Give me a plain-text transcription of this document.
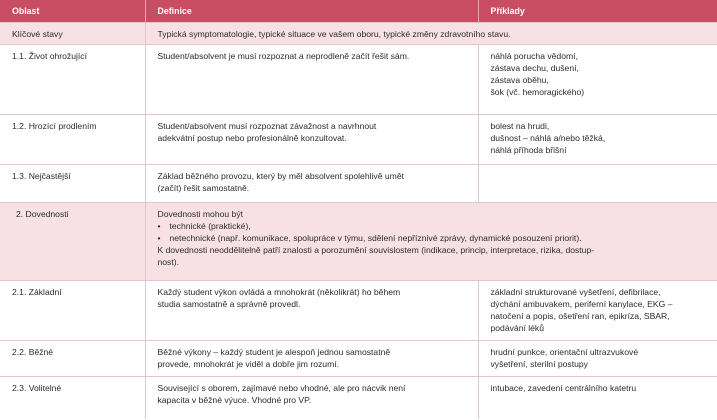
Oblast	Definice	Příklady
Klíčové stavy	Typická symptomatologie, typické situace ve vašem oboru, typické změny zdravotního stavu.	
1.1. Život ohrožující	Student/absolvent je musí rozpoznat a neprodleně začít řešit sám.	náhlá porucha vědomí,
zástava dechu, dušení,
zástava oběhu,
šok (vč. hemoragického)

1.2. Hrozící prodlením	Student/absolvent musí rozpoznat závažnost a navrhnout
adekvátní postup nebo profesionálně konzultovat.	bolest na hrudi,
dušnost – náhlá a/nebo těžká,
náhlá příhoda břišní

1.3. Nejčastější	Základ běžného provozu, který by měl absolvent spolehlivě umět
(začít) řešit samostatně.	

2. Dovednosti	Dovednosti mohou být
• technické (praktické),
• netechnické (např. komunikace, spolupráce v týmu, sdělení nepříznivé zprávy, dynamické posouzení priorit).
K dovednosti neoddělitelně patří znalosti a porozumění souvislostem (indikace, princip, interpretace, rizika, dostup-
nost).	

2.1. Základní	Každý student výkon ovládá a mnohokrát (několikrát) ho během
studia samostatně a správně provedl.	základní strukturované vyšetření, defibrilace,
dýchání ambuvakem, periferní kanylace, EKG –
natočení a popis, ošetření ran, epikríza, SBAR,
podávání léků

2.2. Běžné	Běžné výkony – každý student je alespoň jednou samostatně
provede, mnohokrát je viděl a dobře jim rozumí.	hrudní punkce, orientační ultrazvukové
vyšetření, sterilní postupy

2.3. Volitelné	Související s oborem, zajímavé nebo vhodné, ale pro nácvik není
kapacita v běžné výuce. Vhodné pro VP.	intubace, zavedení centrálního katetru
